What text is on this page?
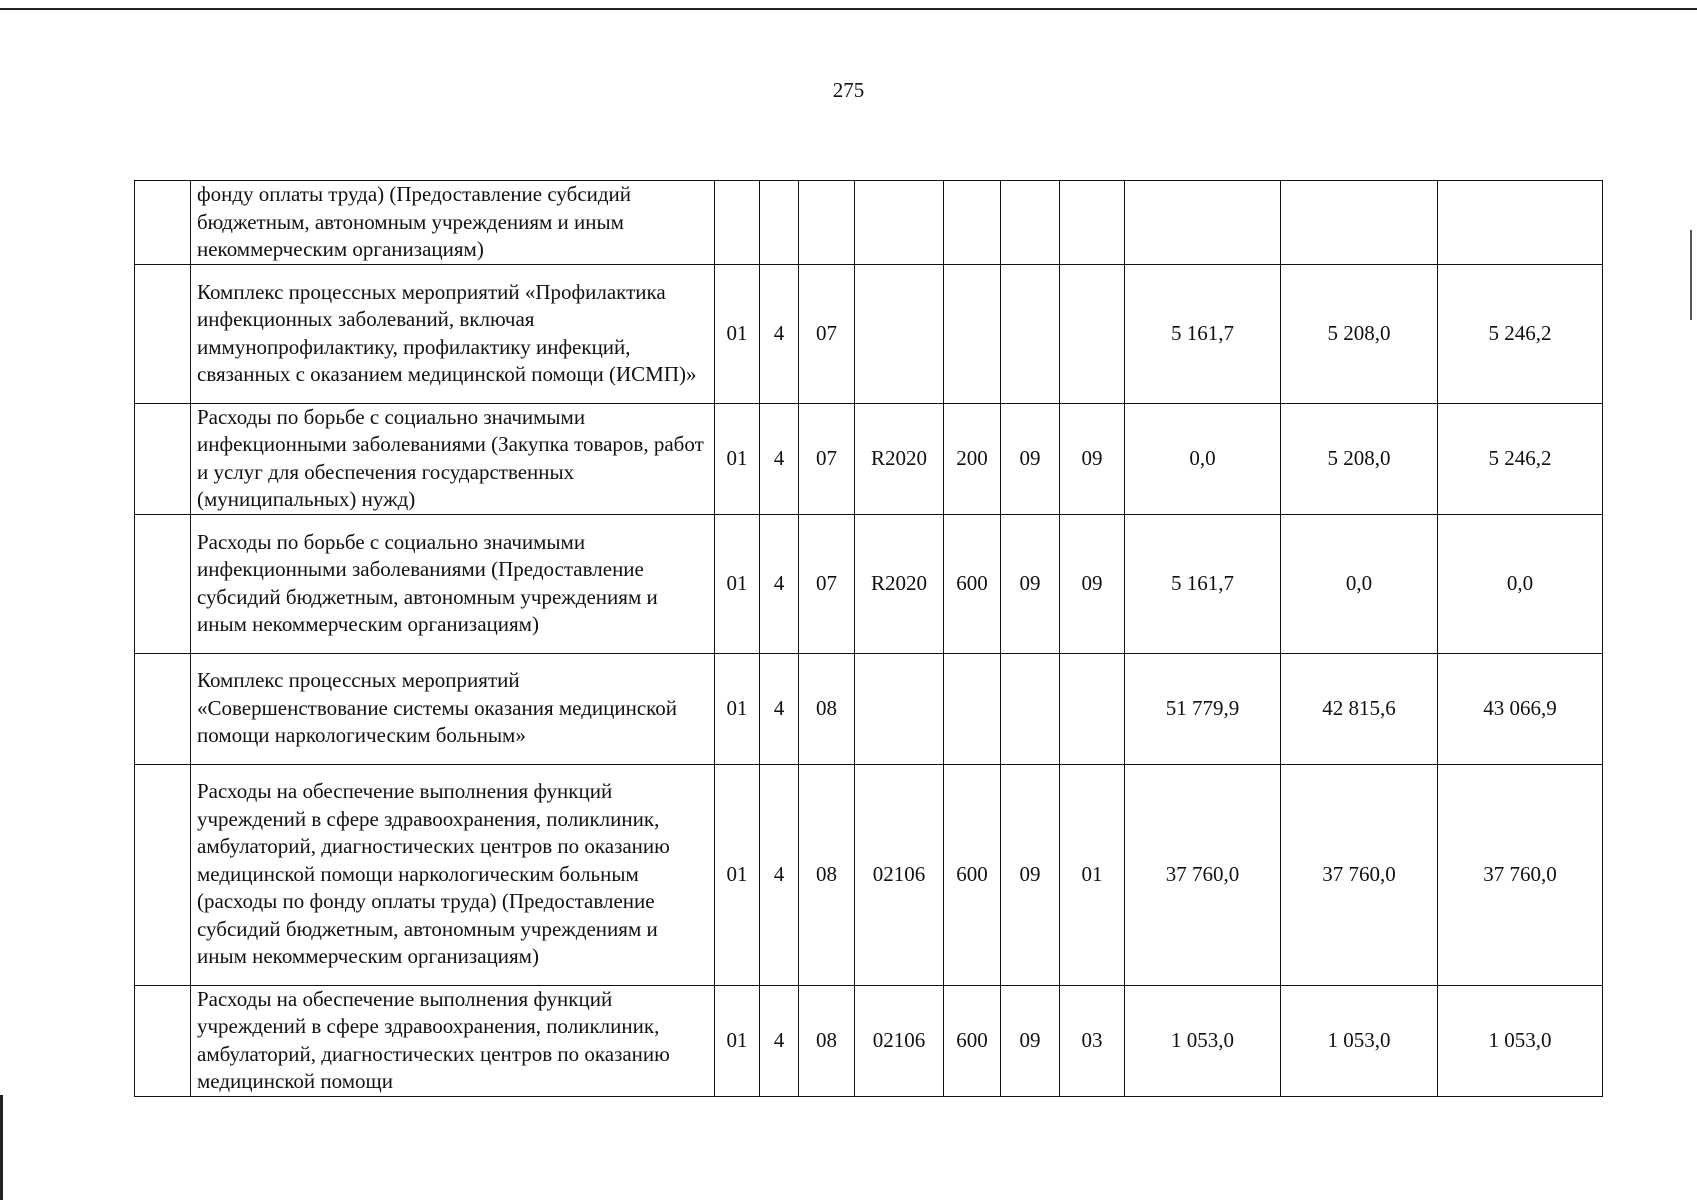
275
	фонду оплаты труда) (Предоставление субсидий бюджетным, автономным учреждениям и иным некоммерческим организациям)										
	Комплекс процессных мероприятий «Профилактика инфекционных заболеваний, включая иммунопрофилактику, профилактику инфекций, связанных с оказанием медицинской помощи (ИСМП)»	01	4	07					5 161,7	5 208,0	5 246,2
	Расходы по борьбе с социально значимыми инфекционными заболеваниями (Закупка товаров, работ и услуг для обеспечения государственных (муниципальных) нужд)	01	4	07	R2020	200	09	09	0,0	5 208,0	5 246,2
	Расходы по борьбе с социально значимыми инфекционными заболеваниями (Предоставление субсидий бюджетным, автономным учреждениям и иным некоммерческим организациям)	01	4	07	R2020	600	09	09	5 161,7	0,0	0,0
	Комплекс процессных мероприятий «Совершенствование системы оказания медицинской помощи наркологическим больным»	01	4	08					51 779,9	42 815,6	43 066,9
	Расходы на обеспечение выполнения функций учреждений в сфере здравоохранения, поликлиник, амбулаторий, диагностических центров по оказанию медицинской помощи наркологическим больным (расходы по фонду оплаты труда) (Предоставление субсидий бюджетным, автономным учреждениям и иным некоммерческим организациям)	01	4	08	02106	600	09	01	37 760,0	37 760,0	37 760,0
	Расходы на обеспечение выполнения функций учреждений в сфере здравоохранения, поликлиник, амбулаторий, диагностических центров по оказанию медицинской помощи	01	4	08	02106	600	09	03	1 053,0	1 053,0	1 053,0
